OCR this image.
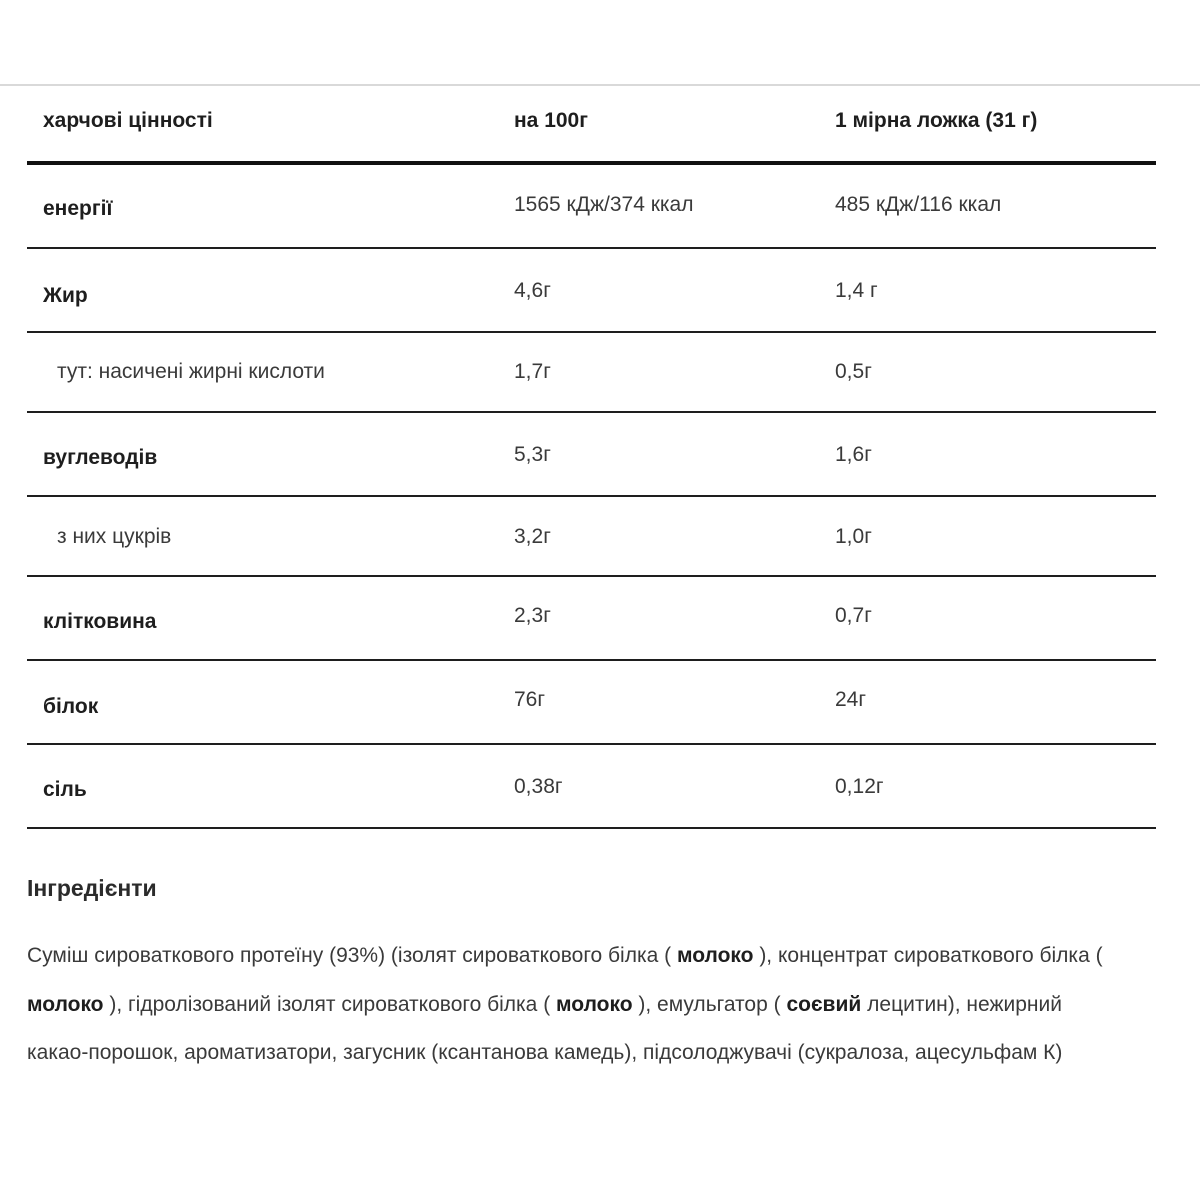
харчові цінності	на 100г	1 мірна ложка (31 г)
енергії	1565 кДж/374 ккал	485 кДж/116 ккал
Жир	4,6г	1,4 г
тут: насичені жирні кислоти	1,7г	0,5г
вуглеводів	5,3г	1,6г
з них цукрів	3,2г	1,0г
клітковина	2,3г	0,7г
білок	76г	24г
сіль	0,38г	0,12г
Інгредієнти
Суміш сироваткового протеїну (93%) (ізолят сироваткового білка ( молоко ), концентрат сироваткового білка ( молоко ), гідролізований ізолят сироваткового білка ( молоко ), емульгатор ( соєвий лецитин), нежирний какао-порошок, ароматизатори, загусник (ксантанова камедь), підсолоджувачі (сукралоза, ацесульфам К)
